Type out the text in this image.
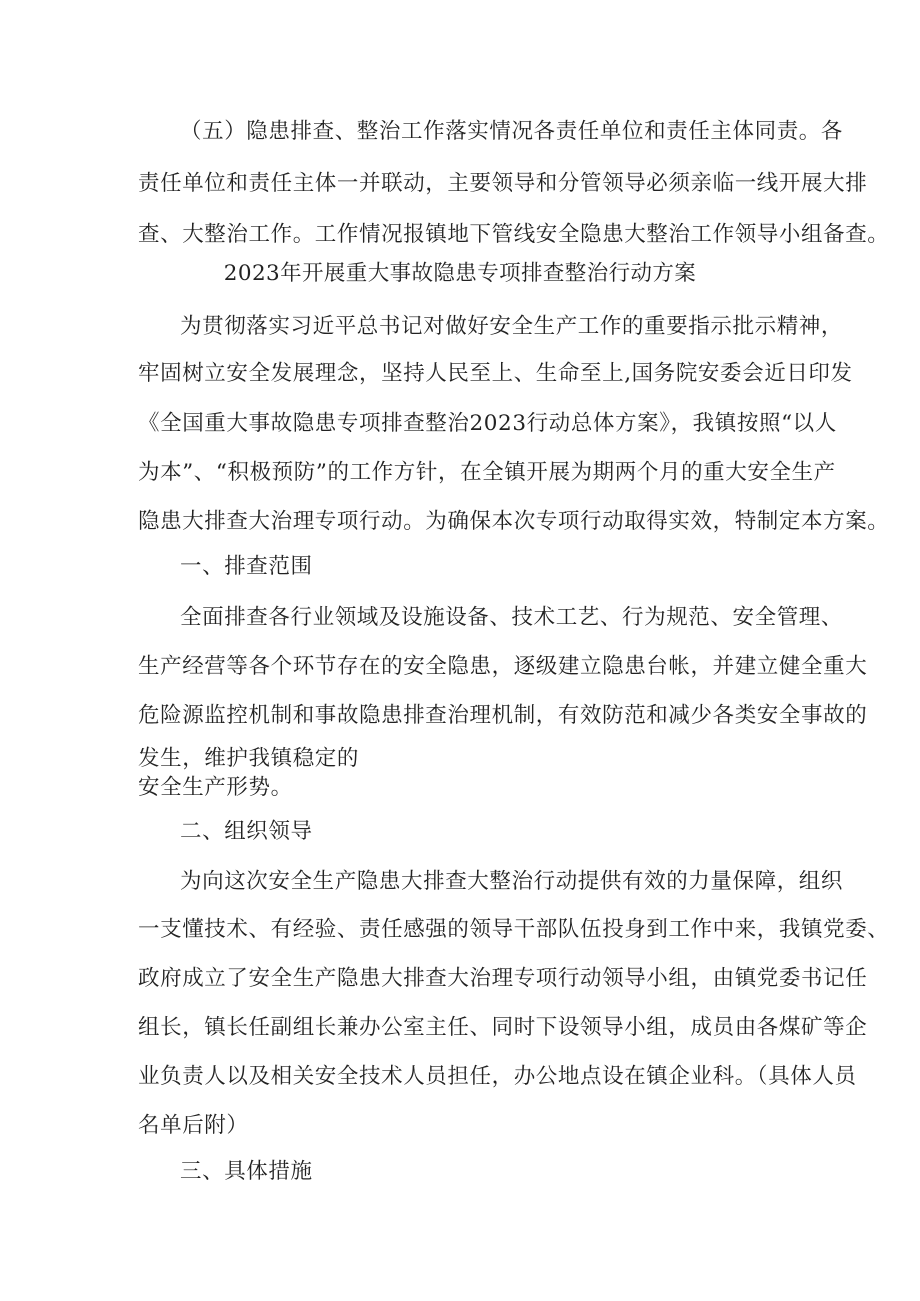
（五）隐患排查、整治工作落实情况各责任单位和责任主体同责。各
责任单位和责任主体一并联动，主要领导和分管领导必须亲临一线开展大排
查、大整治工作。工作情况报镇地下管线安全隐患大整治工作领导小组备查。
2023年开展重大事故隐患专项排查整治行动方案
为贯彻落实习近平总书记对做好安全生产工作的重要指示批示精神，
牢固树立安全发展理念，坚持人民至上、生命至上,国务院安委会近日印发
《全国重大事故隐患专项排查整治2023行动总体方案》，我镇按照“以人
为本”、“积极预防”的工作方针，在全镇开展为期两个月的重大安全生产
隐患大排查大治理专项行动。为确保本次专项行动取得实效，特制定本方案。
一、排查范围
全面排查各行业领域及设施设备、技术工艺、行为规范、安全管理、
生产经营等各个环节存在的安全隐患，逐级建立隐患台帐，并建立健全重大
危险源监控机制和事故隐患排查治理机制，有效防范和减少各类安全事故的
发生，维护我镇稳定的
安全生产形势。
二、组织领导
为向这次安全生产隐患大排查大整治行动提供有效的力量保障，组织
一支懂技术、有经验、责任感强的领导干部队伍投身到工作中来，我镇党委、
政府成立了安全生产隐患大排查大治理专项行动领导小组，由镇党委书记任
组长，镇长任副组长兼办公室主任、同时下设领导小组，成员由各煤矿等企
业负责人以及相关安全技术人员担任，办公地点设在镇企业科。（具体人员
名单后附）
三、具体措施
